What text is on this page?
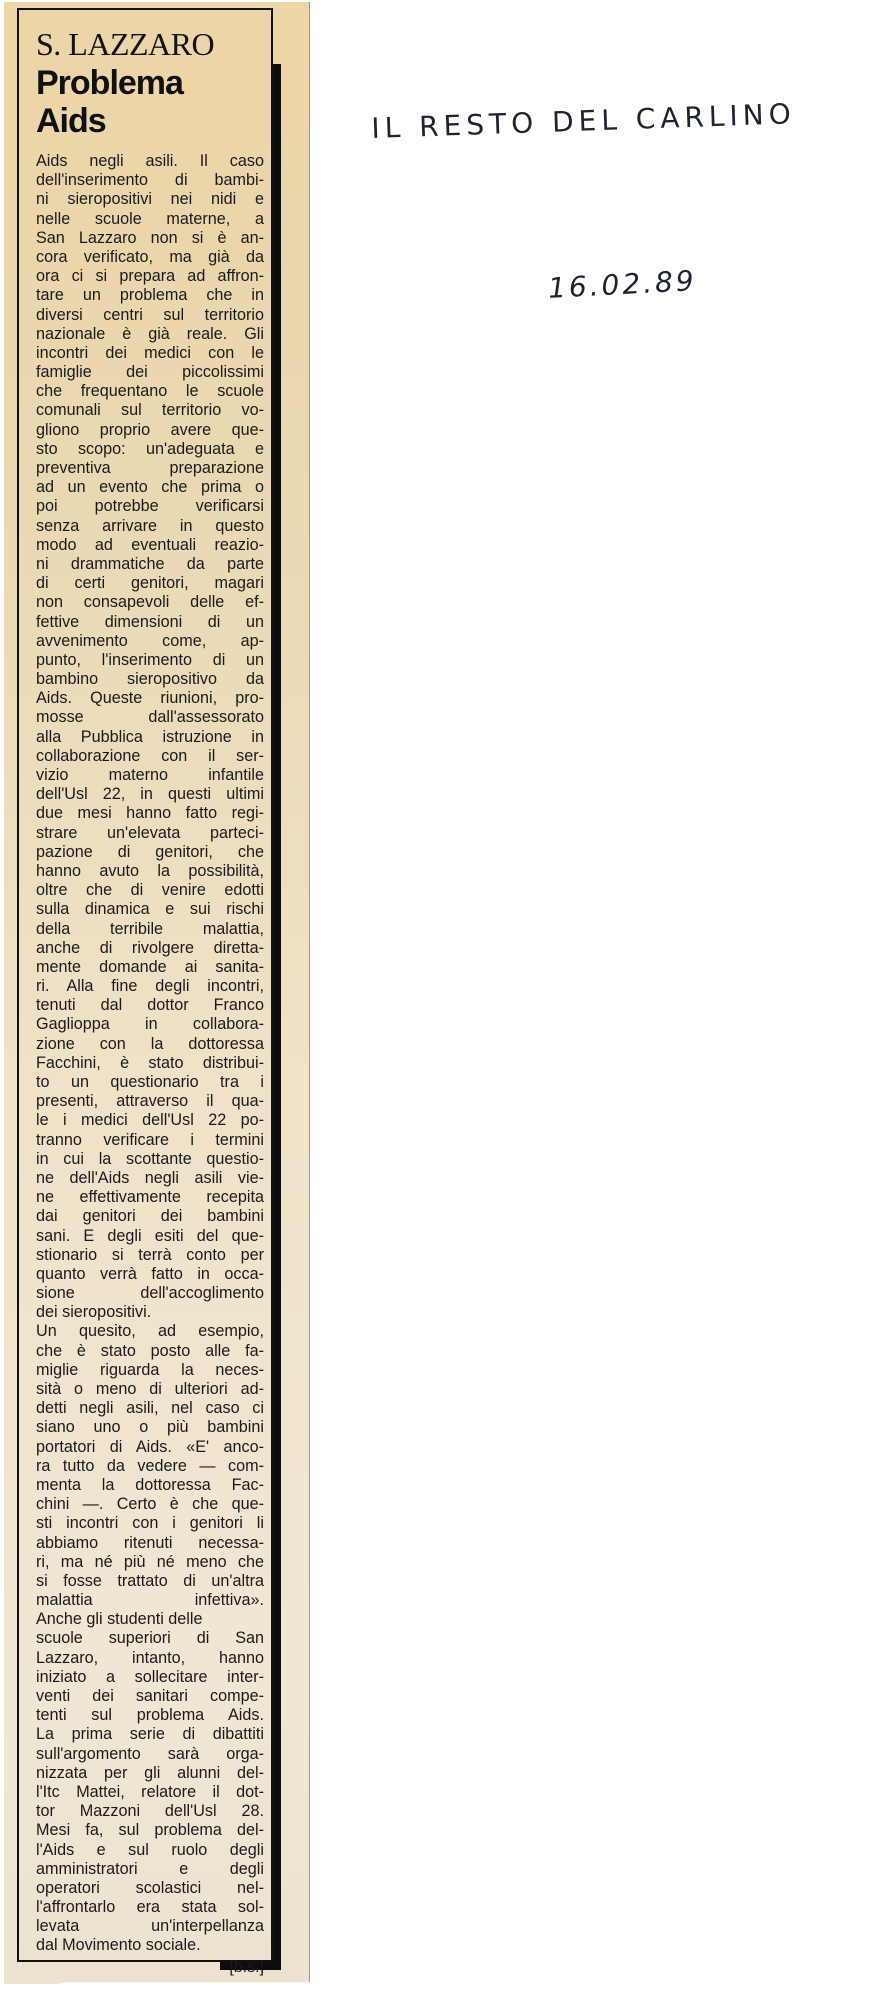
S. LAZZARO
Problema
Aids
Aids negli asili. Il caso
dell'inserimento di bambi-
ni sieropositivi nei nidi e
nelle scuole materne, a
San Lazzaro non si è an-
cora verificato, ma già da
ora ci si prepara ad affron-
tare un problema che in
diversi centri sul territorio
nazionale è già reale. Gli
incontri dei medici con le
famiglie dei piccolissimi
che frequentano le scuole
comunali sul territorio vo-
gliono proprio avere que-
sto scopo: un'adeguata e
preventiva preparazione
ad un evento che prima o
poi potrebbe verificarsi
senza arrivare in questo
modo ad eventuali reazio-
ni drammatiche da parte
di certi genitori, magari
non consapevoli delle ef-
fettive dimensioni di un
avvenimento come, ap-
punto, l'inserimento di un
bambino sieropositivo da
Aids. Queste riunioni, pro-
mosse dall'assessorato
alla Pubblica istruzione in
collaborazione con il ser-
vizio materno infantile
dell'Usl 22, in questi ultimi
due mesi hanno fatto regi-
strare un'elevata parteci-
pazione di genitori, che
hanno avuto la possibilità,
oltre che di venire edotti
sulla dinamica e sui rischi
della terribile malattia,
anche di rivolgere diretta-
mente domande ai sanita-
ri. Alla fine degli incontri,
tenuti dal dottor Franco
Gaglioppa in collabora-
zione con la dottoressa
Facchini, è stato distribui-
to un questionario tra i
presenti, attraverso il qua-
le i medici dell'Usl 22 po-
tranno verificare i termini
in cui la scottante questio-
ne dell'Aids negli asili vie-
ne effettivamente recepita
dai genitori dei bambini
sani. E degli esiti del que-
stionario si terrà conto per
quanto verrà fatto in occa-
sione dell'accoglimento
dei sieropositivi.
Un quesito, ad esempio,
che è stato posto alle fa-
miglie riguarda la neces-
sità o meno di ulteriori ad-
detti negli asili, nel caso ci
siano uno o più bambini
portatori di Aids. «E' anco-
ra tutto da vedere — com-
menta la dottoressa Fac-
chini —. Certo è che que-
sti incontri con i genitori li
abbiamo ritenuti necessa-
ri, ma né più né meno che
si fosse trattato di un'altra
malattia infettiva».
Anche gli studenti delle
scuole superiori di San
Lazzaro, intanto, hanno
iniziato a sollecitare inter-
venti dei sanitari compe-
tenti sul problema Aids.
La prima serie di dibattiti
sull'argomento sarà orga-
nizzata per gli alunni del-
l'Itc Mattei, relatore il dot-
tor Mazzoni dell'Usl 28.
Mesi fa, sul problema del-
l'Aids e sul ruolo degli
amministratori e degli
operatori scolastici nel-
l'affrontarlo era stata sol-
levata un'interpellanza
dal Movimento sociale.
[b.s.]
IL RESTO DEL CARLINO
16.02.89
